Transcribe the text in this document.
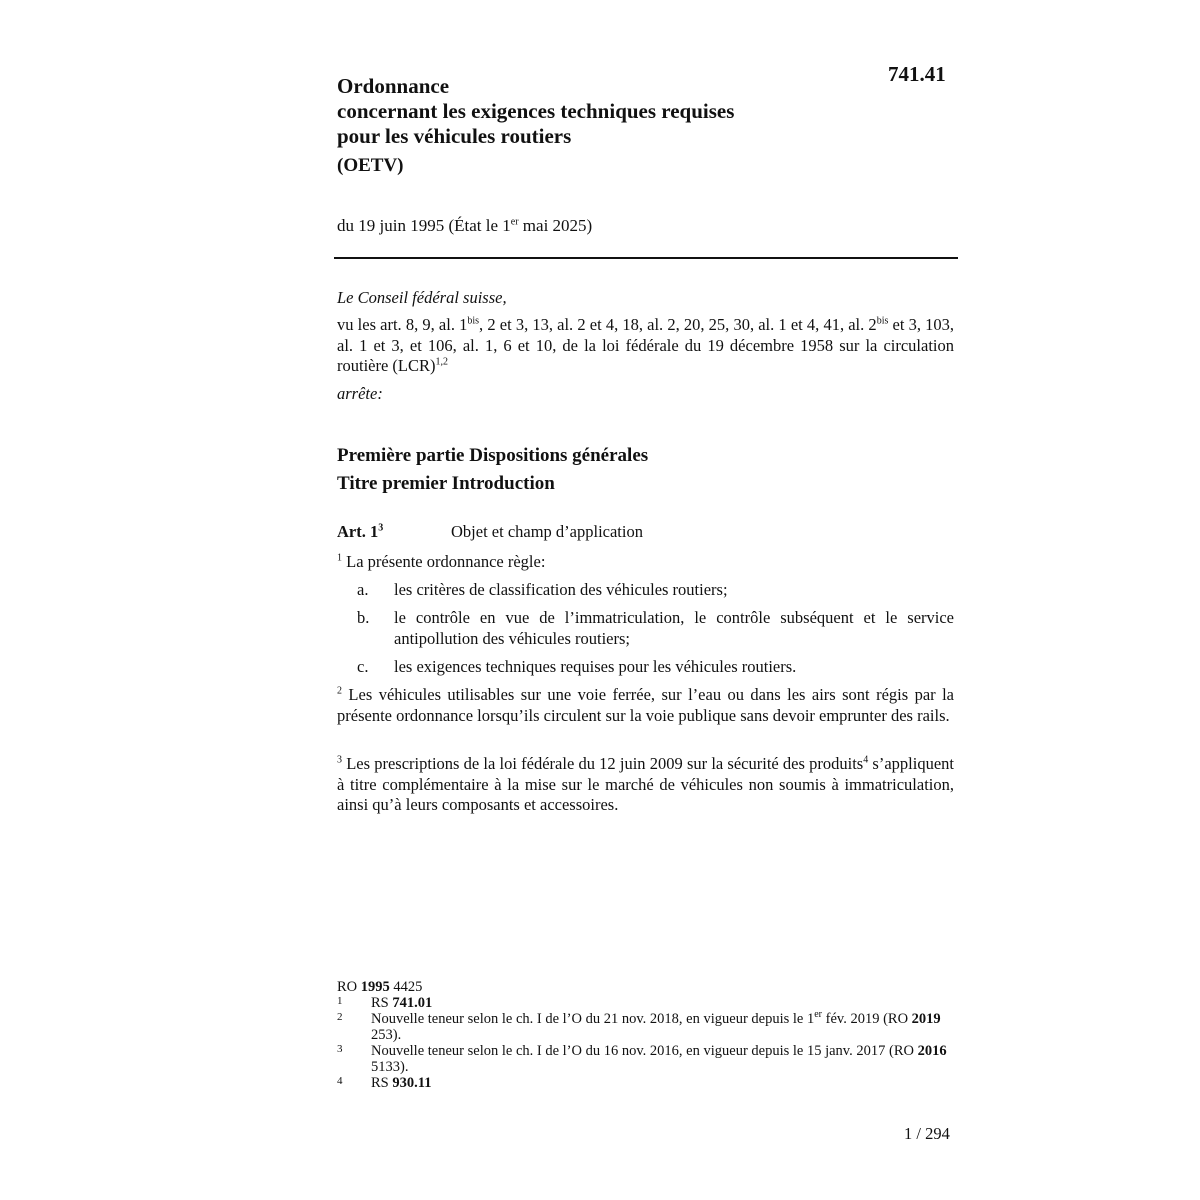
741.41
Ordonnance
concernant les exigences techniques requises
pour les véhicules routiers
(OETV)
du 19 juin 1995 (État le 1er mai 2025)
Le Conseil fédéral suisse,
vu les art. 8, 9, al. $1^{bis}$, 2 et 3, 13, al. 2 et 4, 18, al. 2, 20, 25, 30, al. 1 et 4, 41, al. $2^{bis}$ et 3, 103, al. 1 et 3, et 106, al. 1, 6 et 10, de la loi fédérale du 19 décembre 1958 sur la circulation routière (LCR)$^{1,2}$
arrête:
Première partie Dispositions générales
Titre premier Introduction
Art. $1^3$	Objet et champ d’application
$^1$ La présente ordonnance règle:
a. les critères de classification des véhicules routiers;
b. le contrôle en vue de l’immatriculation, le contrôle subséquent et le service antipollution des véhicules routiers;
c. les exigences techniques requises pour les véhicules routiers.
$^2$ Les véhicules utilisables sur une voie ferrée, sur l’eau ou dans les airs sont régis par la présente ordonnance lorsqu’ils circulent sur la voie publique sans devoir emprunter des rails.
$^3$ Les prescriptions de la loi fédérale du 12 juin 2009 sur la sécurité des produits$^4$ s’appliquent à titre complémentaire à la mise sur le marché de véhicules non soumis à immatriculation, ainsi qu’à leurs composants et accessoires.
RO 1995 4425
1 RS 741.01
2 Nouvelle teneur selon le ch. I de l’O du 21 nov. 2018, en vigueur depuis le 1er fév. 2019 (RO 2019 253).
3 Nouvelle teneur selon le ch. I de l’O du 16 nov. 2016, en vigueur depuis le 15 janv. 2017 (RO 2016 5133).
4 RS 930.11
1 / 294
